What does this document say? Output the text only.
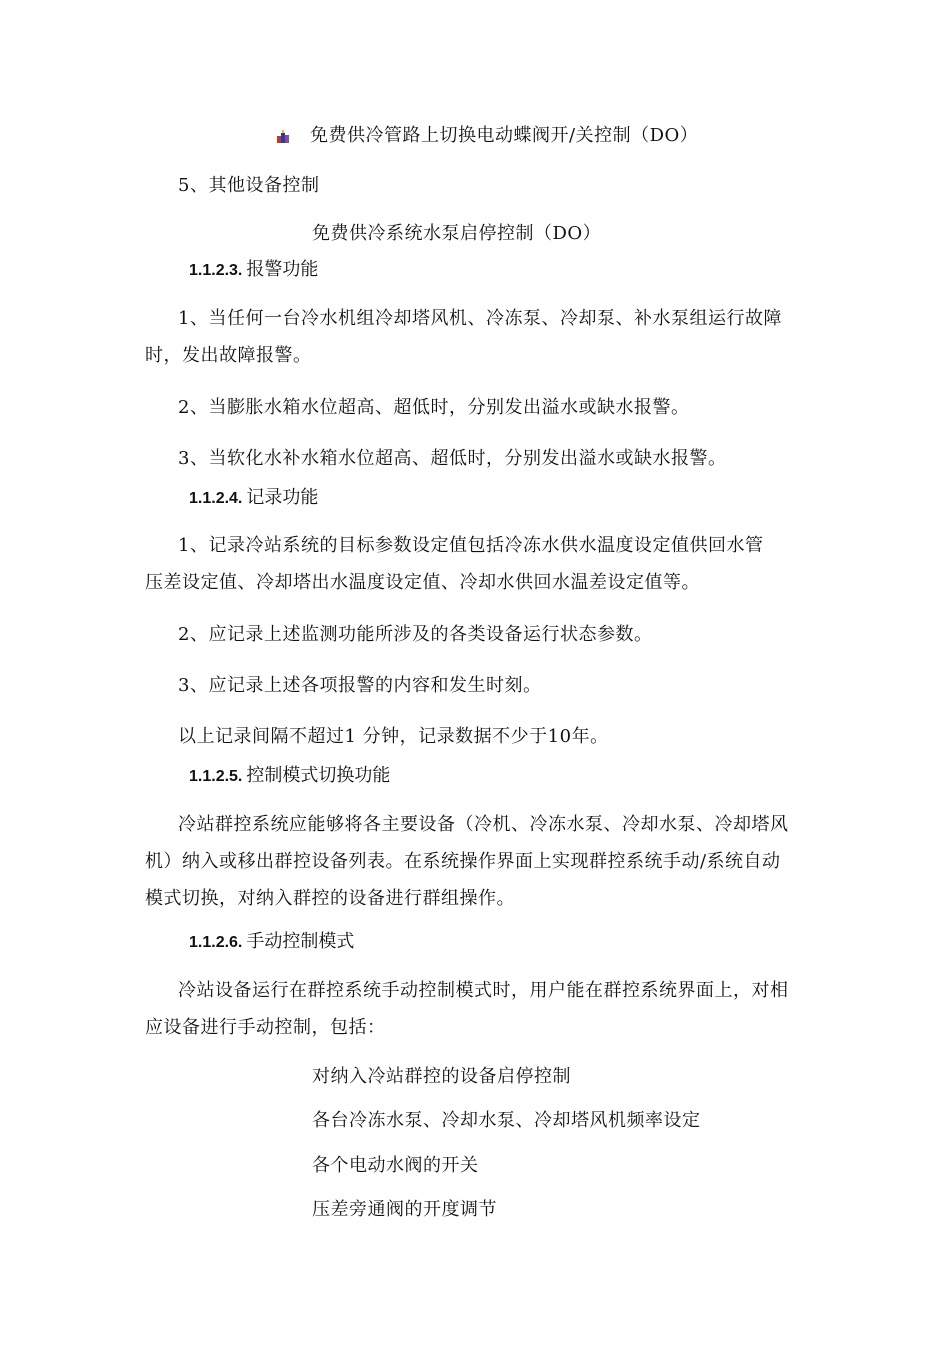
免费供冷管路上切换电动蝶阀开/关控制（DO）
5、其他设备控制
免费供冷系统水泵启停控制（DO）
1.1.2.3. 报警功能
1、当任何一台冷水机组冷却塔风机、冷冻泵、冷却泵、补水泵组运行故障
时，发出故障报警。
2、当膨胀水箱水位超高、超低时，分别发出溢水或缺水报警。
3、当软化水补水箱水位超高、超低时，分别发出溢水或缺水报警。
1.1.2.4. 记录功能
1、记录冷站系统的目标参数设定值包括冷冻水供水温度设定值供回水管
压差设定值、冷却塔出水温度设定值、冷却水供回水温差设定值等。
2、应记录上述监测功能所涉及的各类设备运行状态参数。
3、应记录上述各项报警的内容和发生时刻。
以上记录间隔不超过1 分钟，记录数据不少于10年。
1.1.2.5. 控制模式切换功能
冷站群控系统应能够将各主要设备（冷机、冷冻水泵、冷却水泵、冷却塔风
机）纳入或移出群控设备列表。在系统操作界面上实现群控系统手动/系统自动
模式切换，对纳入群控的设备进行群组操作。
1.1.2.6. 手动控制模式
冷站设备运行在群控系统手动控制模式时，用户能在群控系统界面上，对相
应设备进行手动控制，包括：
对纳入冷站群控的设备启停控制
各台冷冻水泵、冷却水泵、冷却塔风机频率设定
各个电动水阀的开关
压差旁通阀的开度调节
